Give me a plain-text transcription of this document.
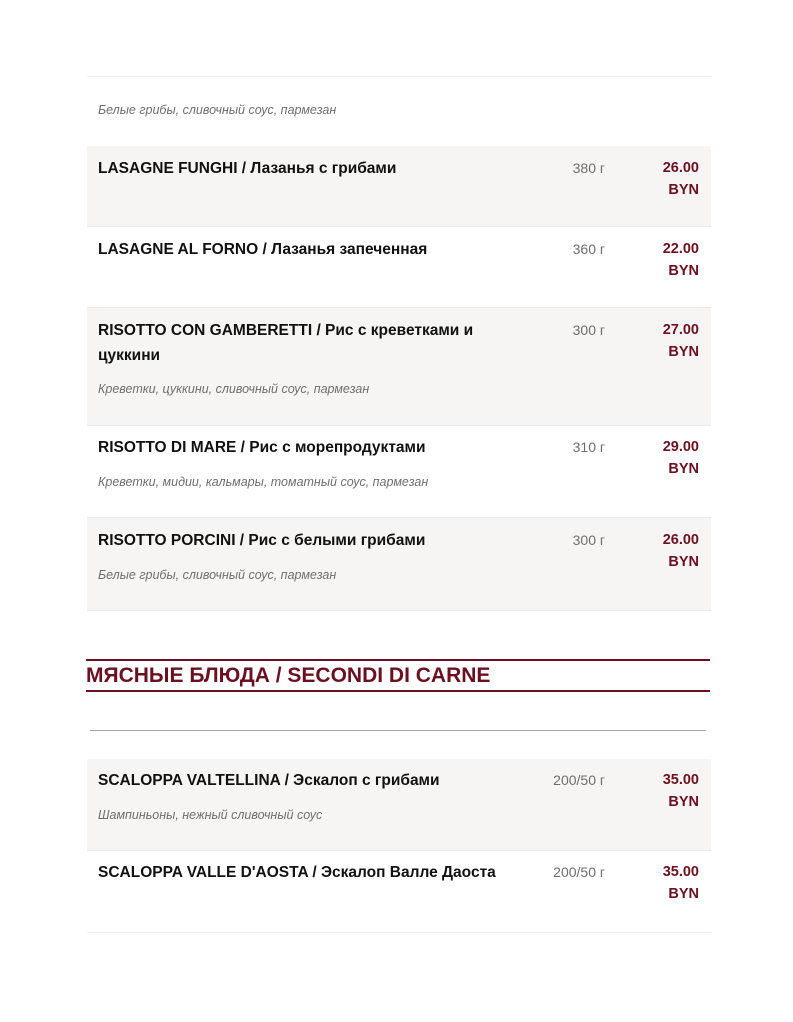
Белые грибы, сливочный соус, пармезан
LASAGNE FUNGHI / Лазанья с грибами	380 г	26.00
BYN
LASAGNE AL FORNO / Лазанья запеченная	360 г	22.00
BYN
RISOTTO CON GAMBERETTI / Рис с креветками и цуккини
Креветки, цуккини, сливочный соус, пармезан
300 г	27.00
BYN
RISOTTO DI MARE / Рис с морепродуктами
Креветки, мидии, кальмары, томатный соус, пармезан
310 г	29.00
BYN
RISOTTO PORCINI / Рис с белыми грибами
Белые грибы, сливочный соус, пармезан
300 г	26.00
BYN
МЯСНЫЕ БЛЮДА / SECONDI DI CARNE
SCALOPPA VALTELLINA / Эскалоп с грибами
Шампиньоны, нежный сливочный соус
200/50 г	35.00
BYN
SCALOPPA VALLE D'AOSTA / Эскалоп Валле Даоста	200/50 г	35.00
BYN
